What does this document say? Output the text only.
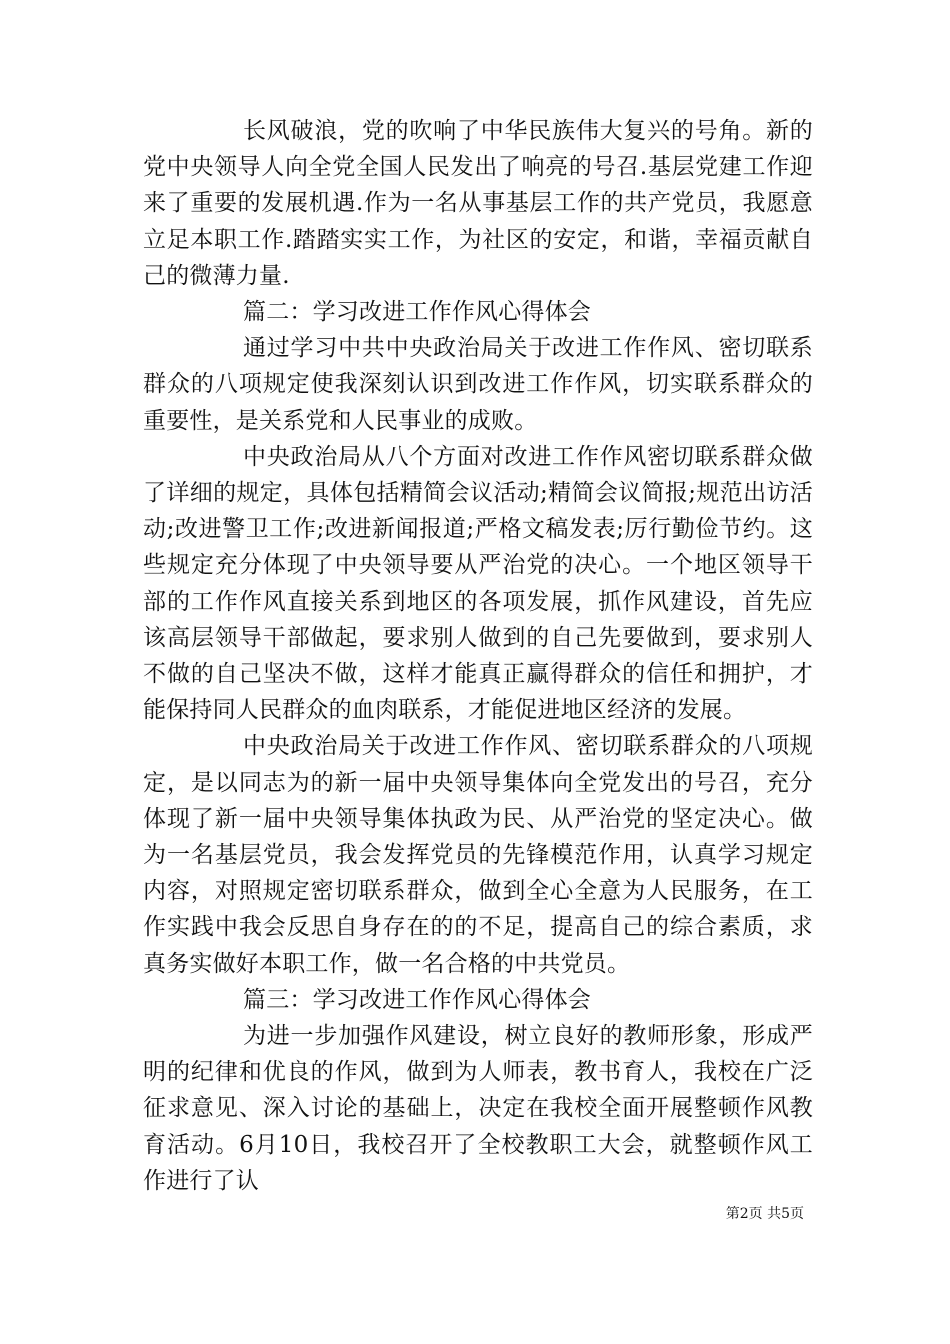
长风破浪，党的吹响了中华民族伟大复兴的号角。新的党中央领导人向全党全国人民发出了响亮的号召.基层党建工作迎来了重要的发展机遇.作为一名从事基层工作的共产党员，我愿意立足本职工作.踏踏实实工作，为社区的安定，和谐，幸福贡献自己的微薄力量.

篇二：学习改进工作作风心得体会

通过学习中共中央政治局关于改进工作作风、密切联系群众的八项规定使我深刻认识到改进工作作风，切实联系群众的重要性，是关系党和人民事业的成败。

中央政治局从八个方面对改进工作作风密切联系群众做了详细的规定，具体包括精简会议活动;精简会议简报;规范出访活动;改进警卫工作;改进新闻报道;严格文稿发表;厉行勤俭节约。这些规定充分体现了中央领导要从严治党的决心。一个地区领导干部的工作作风直接关系到地区的各项发展，抓作风建设，首先应该高层领导干部做起，要求别人做到的自己先要做到，要求别人不做的自己坚决不做，这样才能真正赢得群众的信任和拥护，才能保持同人民群众的血肉联系，才能促进地区经济的发展。

中央政治局关于改进工作作风、密切联系群众的八项规定，是以同志为的新一届中央领导集体向全党发出的号召，充分体现了新一届中央领导集体执政为民、从严治党的坚定决心。做为一名基层党员，我会发挥党员的先锋模范作用，认真学习规定内容，对照规定密切联系群众，做到全心全意为人民服务，在工作实践中我会反思自身存在的的不足，提高自己的综合素质，求真务实做好本职工作，做一名合格的中共党员。

篇三：学习改进工作作风心得体会

为进一步加强作风建设，树立良好的教师形象，形成严明的纪律和优良的作风，做到为人师表，教书育人，我校在广泛征求意见、深入讨论的基础上，决定在我校全面开展整顿作风教育活动。6月10日，我校召开了全校教职工大会，就整顿作风工作进行了认

第2页 共5页
